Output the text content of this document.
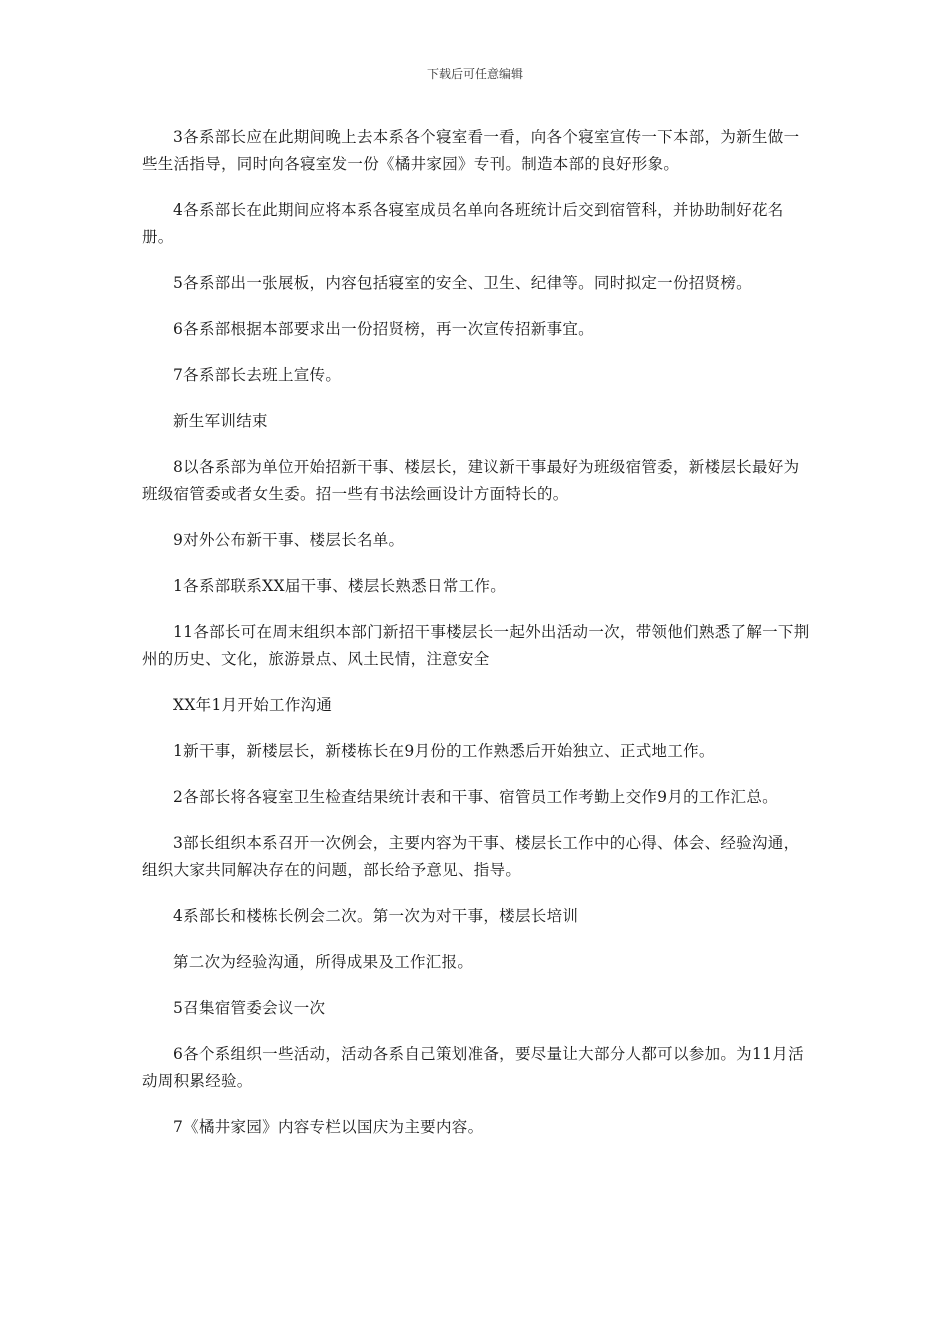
下载后可任意编辑

3各系部长应在此期间晚上去本系各个寝室看一看，向各个寝室宣传一下本部，为新生做一些生活指导，同时向各寝室发一份《橘井家园》专刊。制造本部的良好形象。

4各系部长在此期间应将本系各寝室成员名单向各班统计后交到宿管科，并协助制好花名册。

5各系部出一张展板，内容包括寝室的安全、卫生、纪律等。同时拟定一份招贤榜。

6各系部根据本部要求出一份招贤榜，再一次宣传招新事宜。

7各系部长去班上宣传。

新生军训结束

8以各系部为单位开始招新干事、楼层长，建议新干事最好为班级宿管委，新楼层长最好为班级宿管委或者女生委。招一些有书法绘画设计方面特长的。

9对外公布新干事、楼层长名单。

1各系部联系XX届干事、楼层长熟悉日常工作。

11各部长可在周末组织本部门新招干事楼层长一起外出活动一次，带领他们熟悉了解一下荆州的历史、文化，旅游景点、风土民情，注意安全

XX年1月开始工作沟通

1新干事，新楼层长，新楼栋长在9月份的工作熟悉后开始独立、正式地工作。

2各部长将各寝室卫生检查结果统计表和干事、宿管员工作考勤上交作9月的工作汇总。

3部长组织本系召开一次例会，主要内容为干事、楼层长工作中的心得、体会、经验沟通，组织大家共同解决存在的问题，部长给予意见、指导。

4系部长和楼栋长例会二次。第一次为对干事，楼层长培训

第二次为经验沟通，所得成果及工作汇报。

5召集宿管委会议一次

6各个系组织一些活动，活动各系自己策划准备，要尽量让大部分人都可以参加。为11月活动周积累经验。

7《橘井家园》内容专栏以国庆为主要内容。
